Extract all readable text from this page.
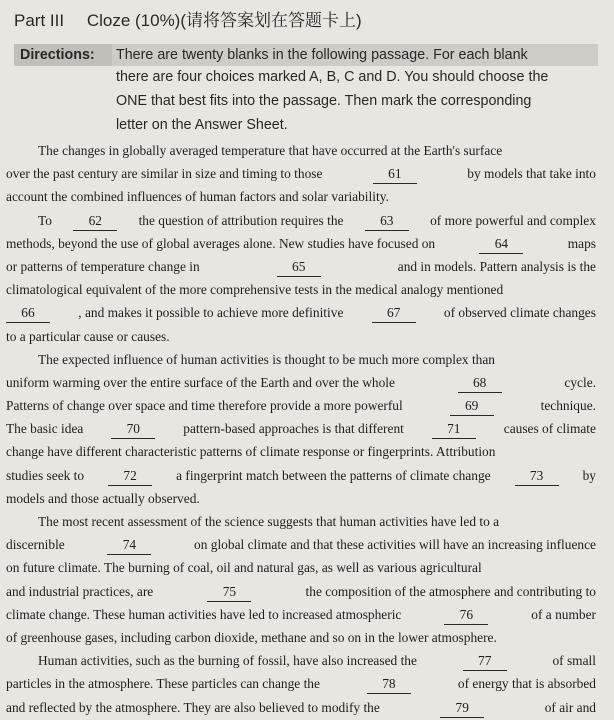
Part III Cloze (10%)(请将答案划在答题卡上)
Directions:	There are twenty blanks in the following passage. For each blank
there are four choices marked A, B, C and D. You should choose the
ONE that best fits into the passage. Then mark the corresponding
letter on the Answer Sheet.
The changes in globally averaged temperature that have occurred at the Earth's surface
over the past century are similar in size and timing to those	61	by models that take into
account the combined influences of human factors and solar variability.
To	62	the question of attribution requires the	63	of more powerful and complex
methods, beyond the use of global averages alone. New studies have focused on	64	maps
or patterns of temperature change in	65	and in models. Pattern analysis is the
climatological equivalent of the more comprehensive tests in the medical analogy mentioned
66	, and makes it possible to achieve more definitive	67	of observed climate changes
to a particular cause or causes.
The expected influence of human activities is thought to be much more complex than
uniform warming over the entire surface of the Earth and over the whole	68	cycle.
Patterns of change over space and time therefore provide a more powerful	69	technique.
The basic idea	70	pattern-based approaches is that different	71	causes of climate
change have different characteristic patterns of climate response or fingerprints. Attribution
studies seek to	72	a fingerprint match between the patterns of climate change	73	by
models and those actually observed.
The most recent assessment of the science suggests that human activities have led to a
discernible	74	on global climate and that these activities will have an increasing influence
on future climate. The burning of coal, oil and natural gas, as well as various agricultural
and industrial practices, are	75	the composition of the atmosphere and contributing to
climate change. These human activities have led to increased atmospheric	76	of a number
of greenhouse gases, including carbon dioxide, methane and so on in the lower atmosphere.
Human activities, such as the burning of fossil, have also increased the	77	of small
particles in the atmosphere. These particles can change the	78	of energy that is absorbed
and reflected by the atmosphere. They are also believed to modify the	79	of air and
